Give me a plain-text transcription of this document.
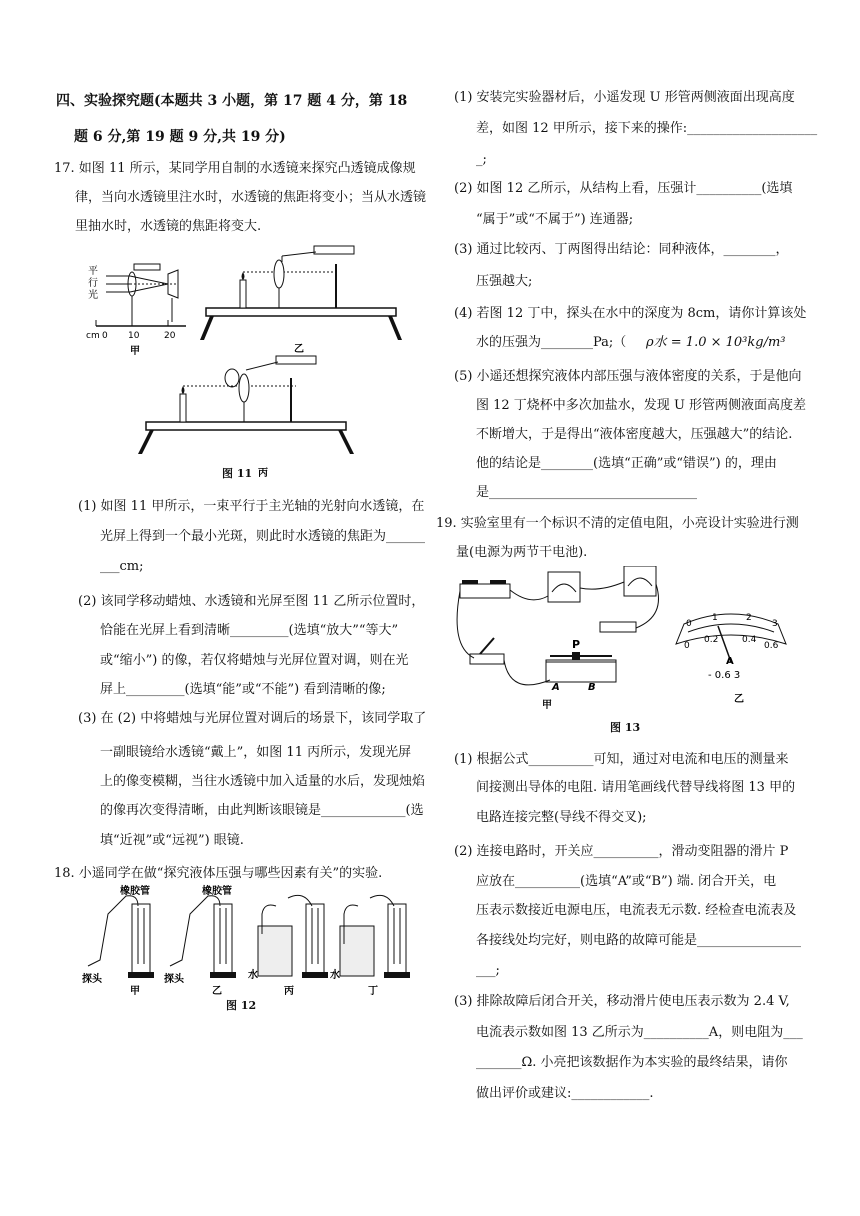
四、实验探究题(本题共 3 小题，第 17 题 4 分，第 18
题 6 分,第 19 题 9 分,共 19 分)
17. 如图 11 所示，某同学用自制的水透镜来探究凸透镜成像规
律，当向水透镜里注水时，水透镜的焦距将变小；当从水透镜
里抽水时，水透镜的焦距将变大.
平
行
光
cm 0 10	20
甲	乙
丙
图 11
(1) 如图 11 甲所示，一束平行于主光轴的光射向水透镜，在
光屏上得到一个最小光斑，则此时水透镜的焦距为______
___cm;
(2) 该同学移动蜡烛、水透镜和光屏至图 11 乙所示位置时，
恰能在光屏上看到清晰_________(选填“放大”“等大”
或“缩小”) 的像，若仅将蜡烛与光屏位置对调，则在光
屏上_________(选填“能”或“不能”) 看到清晰的像;
(3) 在 (2) 中将蜡烛与光屏位置对调后的场景下，该同学取了
一副眼镜给水透镜“戴上”，如图 11 丙所示，发现光屏
上的像变模糊，当往水透镜中加入适量的水后，发现烛焰
的像再次变得清晰，由此判断该眼镜是_____________(选
填“近视”或“远视”) 眼镜.
18. 小遥同学在做“探究液体压强与哪些因素有关”的实验.
橡胶管
探头
甲
橡胶管
探头
乙
水
丙
水
丁
图 12
(1) 安装完实验器材后，小遥发现 U 形管两侧液面出现高度
差，如图 12 甲所示，接下来的操作:____________________
_;
(2) 如图 12 乙所示，从结构上看，压强计__________(选填
“属于”或“不属于”) 连通器;
(3) 通过比较丙、丁两图得出结论：同种液体，________，
压强越大;
(4) 若图 12 丁中，探头在水中的深度为 8cm，请你计算该处
水的压强为________Pa;（ ρ水 = 1.0 × 10³kg/m³
(5) 小遥还想探究液体内部压强与液体密度的关系，于是他向
图 12 丁烧杯中多次加盐水，发现 U 形管两侧液面高度差
不断增大，于是得出“液体密度越大，压强越大”的结论.
他的结论是________(选填“正确”或“错误”) 的，理由
是________________________________
19. 实验室里有一个标识不清的定值电阻，小亮设计实验进行测
量(电源为两节干电池).
P
A	B
甲
0
1	2
3
0
0.2	0.4
0.6
A
- 0.6 3
乙
图 13
(1) 根据公式__________可知，通过对电流和电压的测量来
间接测出导体的电阻. 请用笔画线代替导线将图 13 甲的
电路连接完整(导线不得交叉);
(2) 连接电路时，开关应__________，滑动变阻器的滑片 P
应放在__________(选填“A”或“B”) 端. 闭合开关，电
压表示数接近电源电压，电流表无示数. 经检查电流表及
各接线处均完好，则电路的故障可能是________________
___;
(3) 排除故障后闭合开关，移动滑片使电压表示数为 2.4 V,
电流表示数如图 13 乙所示为__________A，则电阻为___
_______Ω. 小亮把该数据作为本实验的最终结果，请你
做出评价或建议:____________.
